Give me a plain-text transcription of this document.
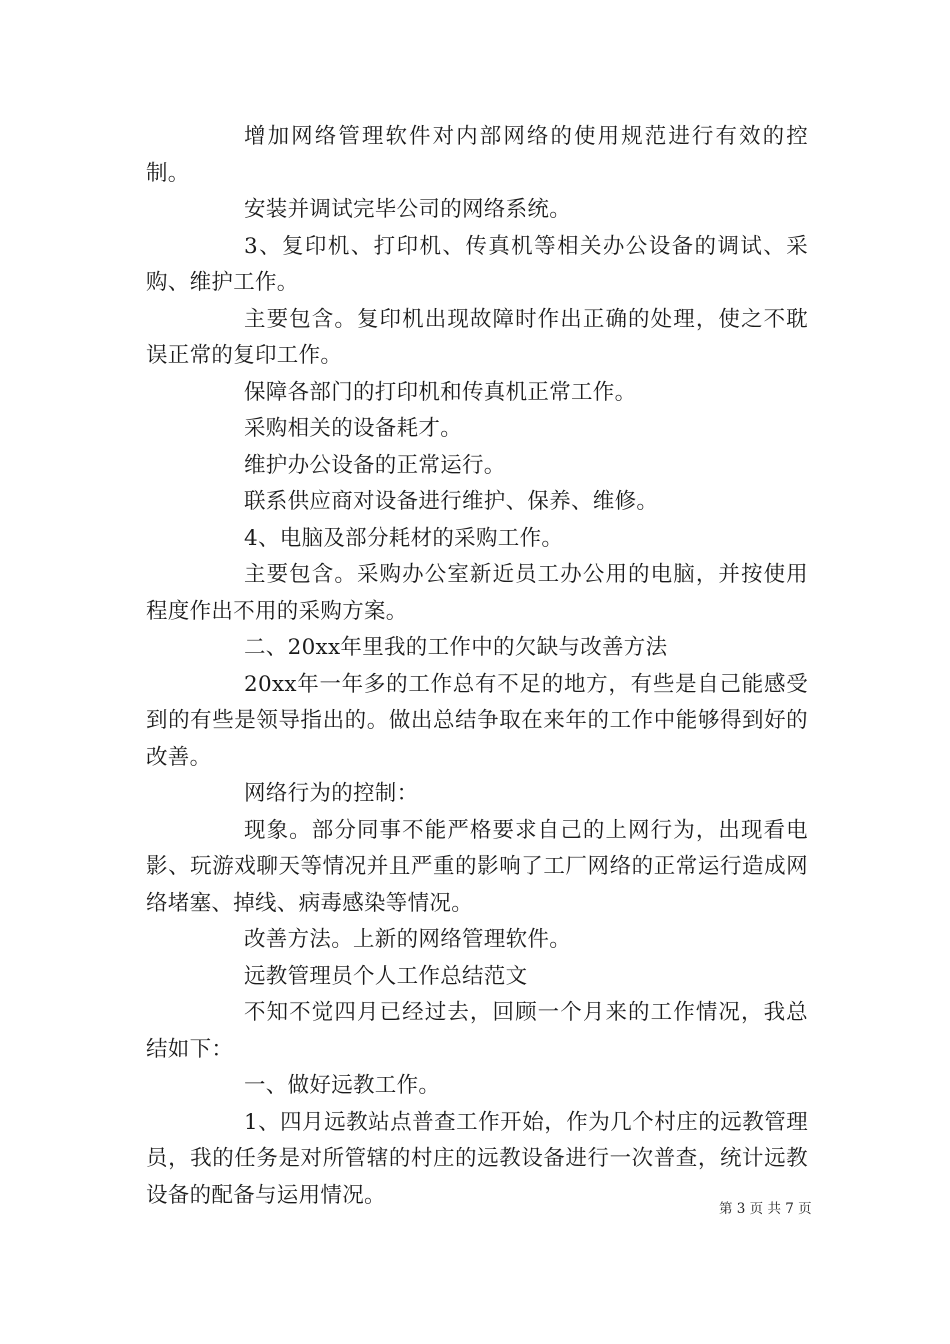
增加网络管理软件对内部网络的使用规范进行有效的控制。

安装并调试完毕公司的网络系统。

3、复印机、打印机、传真机等相关办公设备的调试、采购、维护工作。

主要包含。复印机出现故障时作出正确的处理，使之不耽误正常的复印工作。

保障各部门的打印机和传真机正常工作。

采购相关的设备耗才。

维护办公设备的正常运行。

联系供应商对设备进行维护、保养、维修。

4、电脑及部分耗材的采购工作。

主要包含。采购办公室新近员工办公用的电脑，并按使用程度作出不用的采购方案。

二、20xx年里我的工作中的欠缺与改善方法

20xx年一年多的工作总有不足的地方，有些是自己能感受到的有些是领导指出的。做出总结争取在来年的工作中能够得到好的改善。

网络行为的控制：

现象。部分同事不能严格要求自己的上网行为，出现看电影、玩游戏聊天等情况并且严重的影响了工厂网络的正常运行造成网络堵塞、掉线、病毒感染等情况。

改善方法。上新的网络管理软件。

远教管理员个人工作总结范文

不知不觉四月已经过去，回顾一个月来的工作情况，我总结如下：

一、做好远教工作。

1、四月远教站点普查工作开始，作为几个村庄的远教管理员，我的任务是对所管辖的村庄的远教设备进行一次普查，统计远教设备的配备与运用情况。

第 3 页 共 7 页
